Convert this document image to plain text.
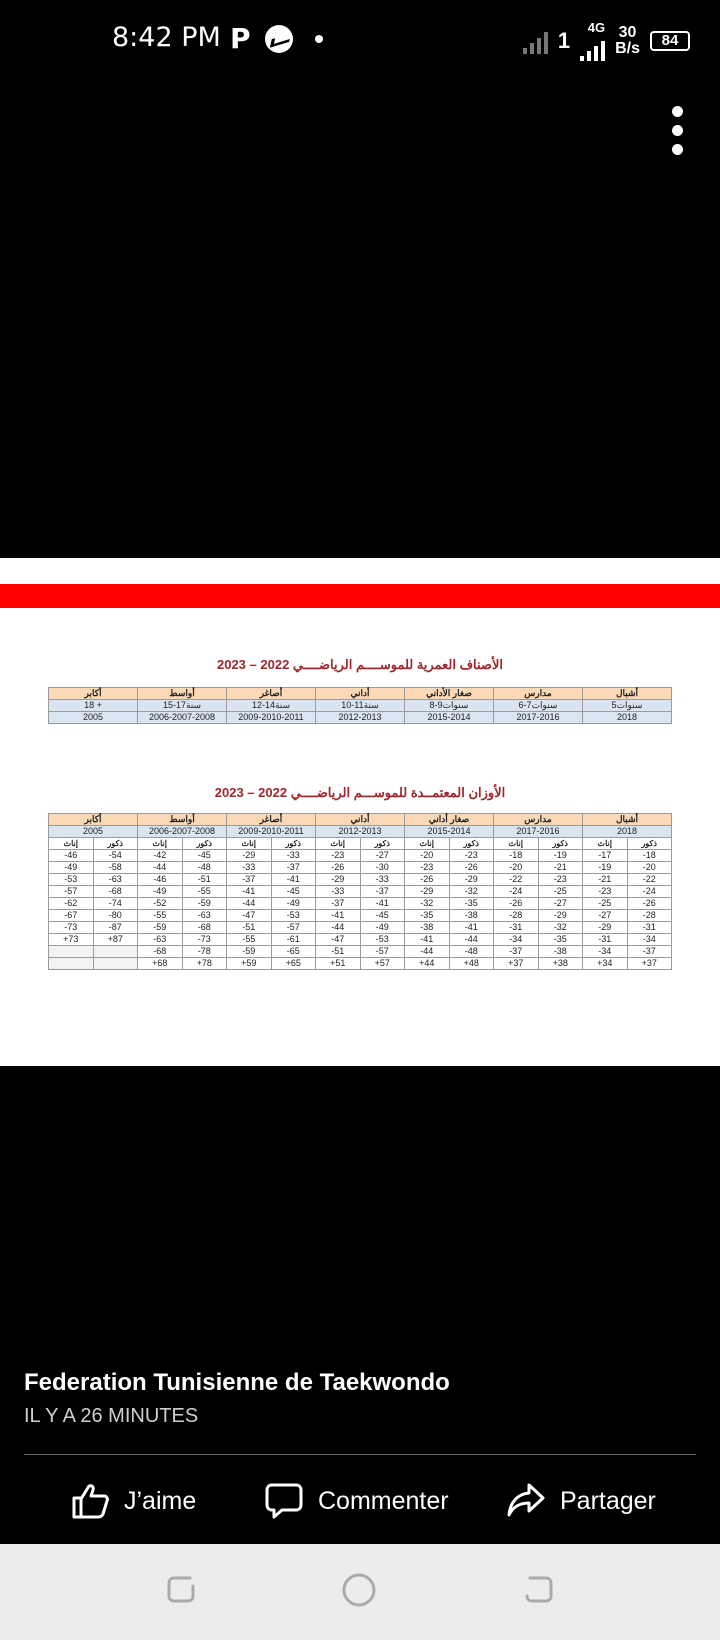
8:42 PM P	1 4G 30
B/s	84
الأصناف العمرية للموســــم الرياضــــي 2022 – 2023
أكابر	أواسط	أصاغر	أداني	صغار الأداني	مدارس	أشبال
18 +	15-17سنة	12-14سنة	10-11سنة	8-9سنوات	6-7سنوات	5سنوات
2005	2006-2007-2008	2009-2010-2011	2012-2013	2015-2014	2017-2016	2018
الأوزان المعتمــدة للموســـم الرياضــــي 2022 – 2023
أكابر		أواسط		أصاغر		أداني		صغار أداني		مدارس		أشبال	
2005		2006-2007-2008		2009-2010-2011		2012-2013		2015-2014		2017-2016		2018	
إناث	ذكور	إناث	ذكور	إناث	ذكور	إناث	ذكور	إناث	ذكور	إناث	ذكور	إناث	ذكور
-46	-54	-42	-45	-29	-33	-23	-27	-20	-23	-18	-19	-17	-18
-49	-58	-44	-48	-33	-37	-26	-30	-23	-26	-20	-21	-19	-20
-53	-63	-46	-51	-37	-41	-29	-33	-26	-29	-22	-23	-21	-22
-57	-68	-49	-55	-41	-45	-33	-37	-29	-32	-24	-25	-23	-24
-62	-74	-52	-59	-44	-49	-37	-41	-32	-35	-26	-27	-25	-26
-67	-80	-55	-63	-47	-53	-41	-45	-35	-38	-28	-29	-27	-28
-73	-87	-59	-68	-51	-57	-44	-49	-38	-41	-31	-32	-29	-31
+73	+87	-63	-73	-55	-61	-47	-53	-41	-44	-34	-35	-31	-34
		-68	-78	-59	-65	-51	-57	-44	-48	-37	-38	-34	-37
		+68	+78	+59	+65	+51	+57	+44	+48	+37	+38	+34	+37
Federation Tunisienne de Taekwondo
IL Y A 26 MINUTES
J’aime	Commenter	Partager
